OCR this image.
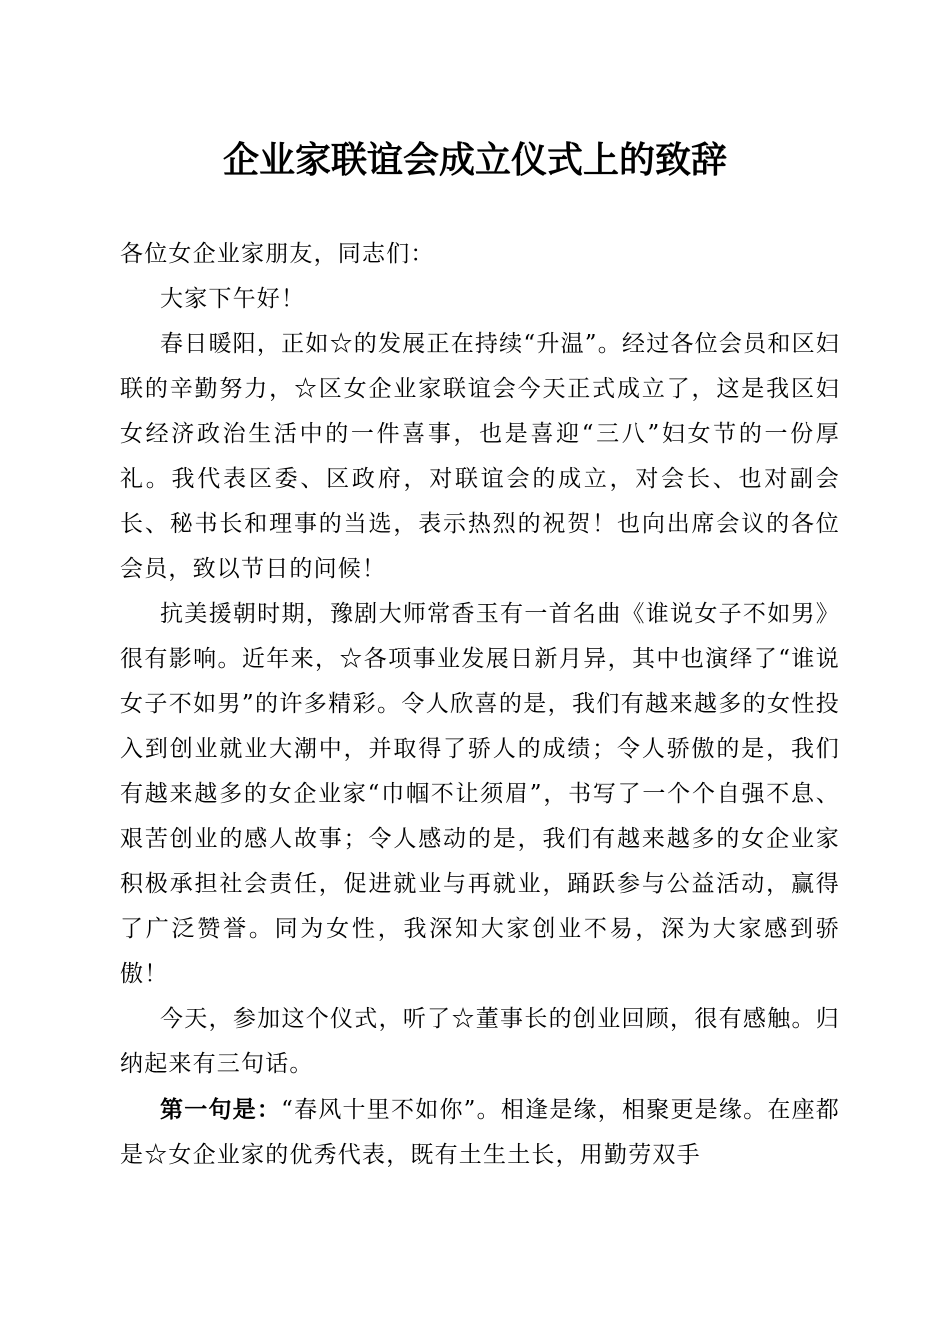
企业家联谊会成立仪式上的致辞

各位女企业家朋友，同志们：

大家下午好！

春日暖阳，正如☆的发展正在持续“升温”。经过各位会员和区妇联的辛勤努力，☆区女企业家联谊会今天正式成立了，这是我区妇女经济政治生活中的一件喜事，也是喜迎“三八”妇女节的一份厚礼。我代表区委、区政府，对联谊会的成立，对会长、也对副会长、秘书长和理事的当选，表示热烈的祝贺！也向出席会议的各位会员，致以节日的问候！

抗美援朝时期，豫剧大师常香玉有一首名曲《谁说女子不如男》很有影响。近年来，☆各项事业发展日新月异，其中也演绎了“谁说女子不如男”的许多精彩。令人欣喜的是，我们有越来越多的女性投入到创业就业大潮中，并取得了骄人的成绩；令人骄傲的是，我们有越来越多的女企业家“巾帼不让须眉”，书写了一个个自强不息、艰苦创业的感人故事；令人感动的是，我们有越来越多的女企业家积极承担社会责任，促进就业与再就业，踊跃参与公益活动，赢得了广泛赞誉。同为女性，我深知大家创业不易，深为大家感到骄傲！

今天，参加这个仪式，听了☆董事长的创业回顾，很有感触。归纳起来有三句话。

第一句是：“春风十里不如你”。相逢是缘，相聚更是缘。在座都是☆女企业家的优秀代表，既有土生土长，用勤劳双手
